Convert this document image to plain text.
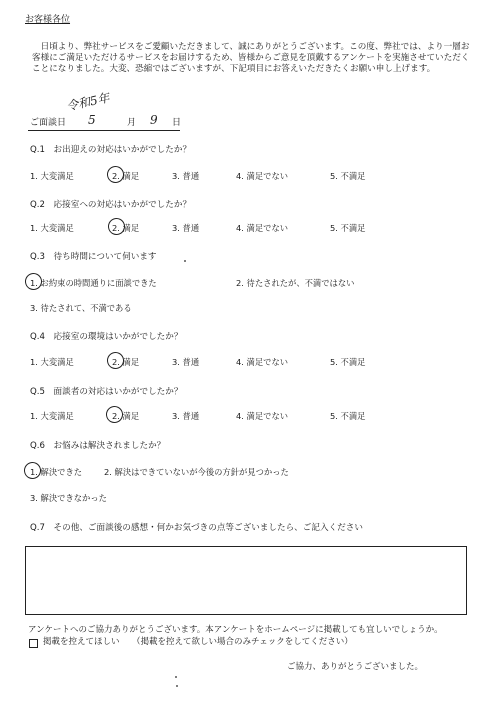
お客様各位
　日頃より、弊社サービスをご愛顧いただきまして、誠にありがとうございます。この度、弊社では、より一層お客様にご満足いただけるサービスをお届けするため、皆様からご意見を頂戴するアンケートを実施させていただくことになりました。大変、恐縮ではございますが、下記項目にお答えいただきたくお願い申し上げます。
令和5年
ご面談日 5	月 9 日
Q.1　お出迎えの対応はいかがでしたか？
1. 大変満足	2. 満足	3. 普通	4. 満足でない	5. 不満足
Q.2　応接室への対応はいかがでしたか？
1. 大変満足	2. 満足	3. 普通	4. 満足でない	5. 不満足
Q.3　待ち時間について伺います
1. お約束の時間通りに面談できた	2. 待たされたが、不満ではない
3. 待たされて、不満である
Q.4　応接室の環境はいかがでしたか？
1. 大変満足	2. 満足	3. 普通	4. 満足でない	5. 不満足
Q.5　面談者の対応はいかがでしたか？
1. 大変満足	2. 満足	3. 普通	4. 満足でない	5. 不満足
Q.6　お悩みは解決されましたか？
1. 解決できた	2. 解決はできていないが今後の方針が見つかった
3. 解決できなかった
Q.7　その他、ご面談後の感想・何かお気づきの点等ございましたら、ご記入ください
アンケートへのご協力ありがとうございます。本アンケートをホームページに掲載しても宜しいでしょうか。
掲載を控えてほしい （掲載を控えて欲しい場合のみチェックをしてください）
ご協力、ありがとうございました。
